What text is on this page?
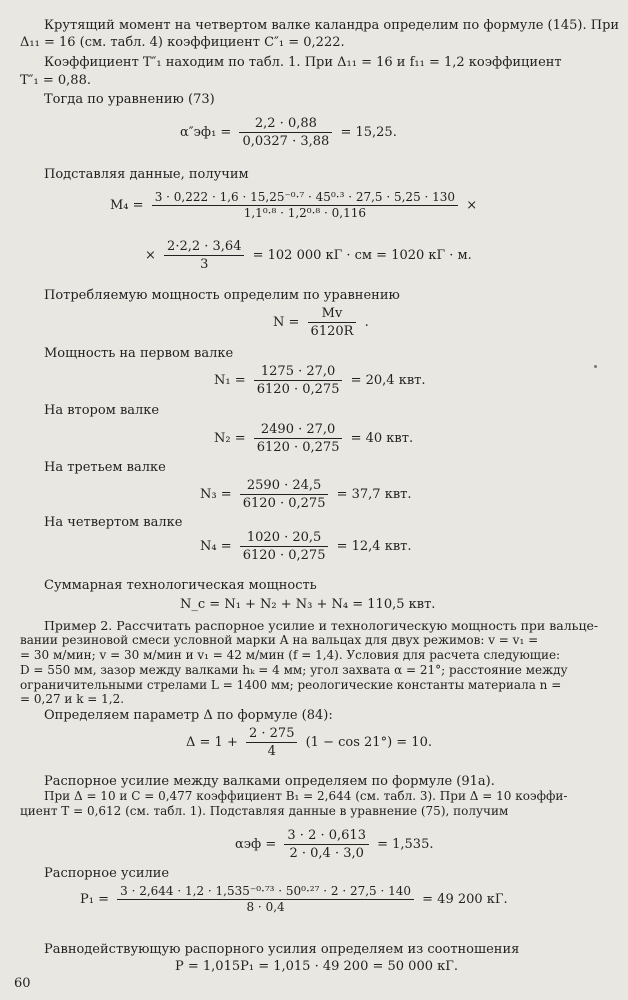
Крутящий момент на четвертом валке каландра определим по формуле (145). При
Δ₁₁ = 16 (см. табл. 4) коэффициент C″₁ = 0,222.
Коэффициент T″₁ находим по табл. 1. При Δ₁₁ = 16 и f₁₁ = 1,2 коэффициент
T″₁ = 0,88.
Тогда по уравнению (73)
$\alpha''эф_1 = \frac{2,2 \cdot 0,88}{0,0327 \cdot 3,88} = 15,25$.
Подставляя данные, получим
$M_4 = \frac{\text{3 · 0,222 · 1,6 · 15,25⁻⁰·⁷ · 45⁰·³ · 27,5 · 5,25 · 130}}{\text{1,1⁰·⁸ · 1,2⁰·⁸ · 0,116}}$ ×
× $\frac{2\cdot 2,2 \cdot 3,64}{3} = 102$ 000 кГ · см = 1020 кГ · м.
Потребляемую мощность определим по уравнению
$N = \frac{Mv}{6120R}$ .
Мощность на первом валке
$N_1 = \frac{1275 \cdot 27,0}{6120 \cdot 0,275} = 20,4$ квт.
На втором валке
$N_2 = \frac{2490 \cdot 27,0}{6120 \cdot 0,275} = 40$ квт.
На третьем валке
$N_3 = \frac{2590 \cdot 24,5}{6120 \cdot 0,275} = 37,7$ квт.
На четвертом валке
$N_4 = \frac{1020 \cdot 20,5}{6120 \cdot 0,275} = 12,4$ квт.
Суммарная технологическая мощность
N_c = N₁ + N₂ + N₃ + N₄ = 110,5 квт.
Пример 2. Рассчитать распорное усилие и технологическую мощность при вальце-
вании резиновой смеси условной марки А на вальцах для двух режимов: v = v₁ =
= 30 м/мин; v = 30 м/мин и v₁ = 42 м/мин (f = 1,4). Условия для расчета следующие:
D = 550 мм, зазор между валками hₖ = 4 мм; угол захвата α = 21°; расстояние между
ограничительными стрелами L = 1400 мм; реологические константы материала n =
= 0,27 и k = 1,2.
Определяем параметр Δ по формуле (84):
$\Delta = 1 + \frac{2 \cdot 275}{4} (1 - \cos 21^\circ) = 10$.
Распорное усилие между валками определяем по формуле (91а).
При Δ = 10 и C = 0,477 коэффициент B₁ = 2,644 (см. табл. 3). При Δ = 10 коэффи-
циент T = 0,612 (см. табл. 1). Подставляя данные в уравнение (75), получим
$\alpha эф = \frac{3 \cdot 2 \cdot 0,613}{2 \cdot 0,4 \cdot 3,0} = 1,535$.
Распорное усилие
$P_1 = \frac{\text{3 · 2,644 · 1,2 · 1,535⁻⁰·⁷³ · 50⁰·²⁷ · 2 · 27,5 · 140}}{8 \cdot 0,4} = 49$ 200 кГ.
Равнодействующую распорного усилия определяем из соотношения
P = 1,015P₁ = 1,015 · 49 200 = 50 000 кГ.
60
